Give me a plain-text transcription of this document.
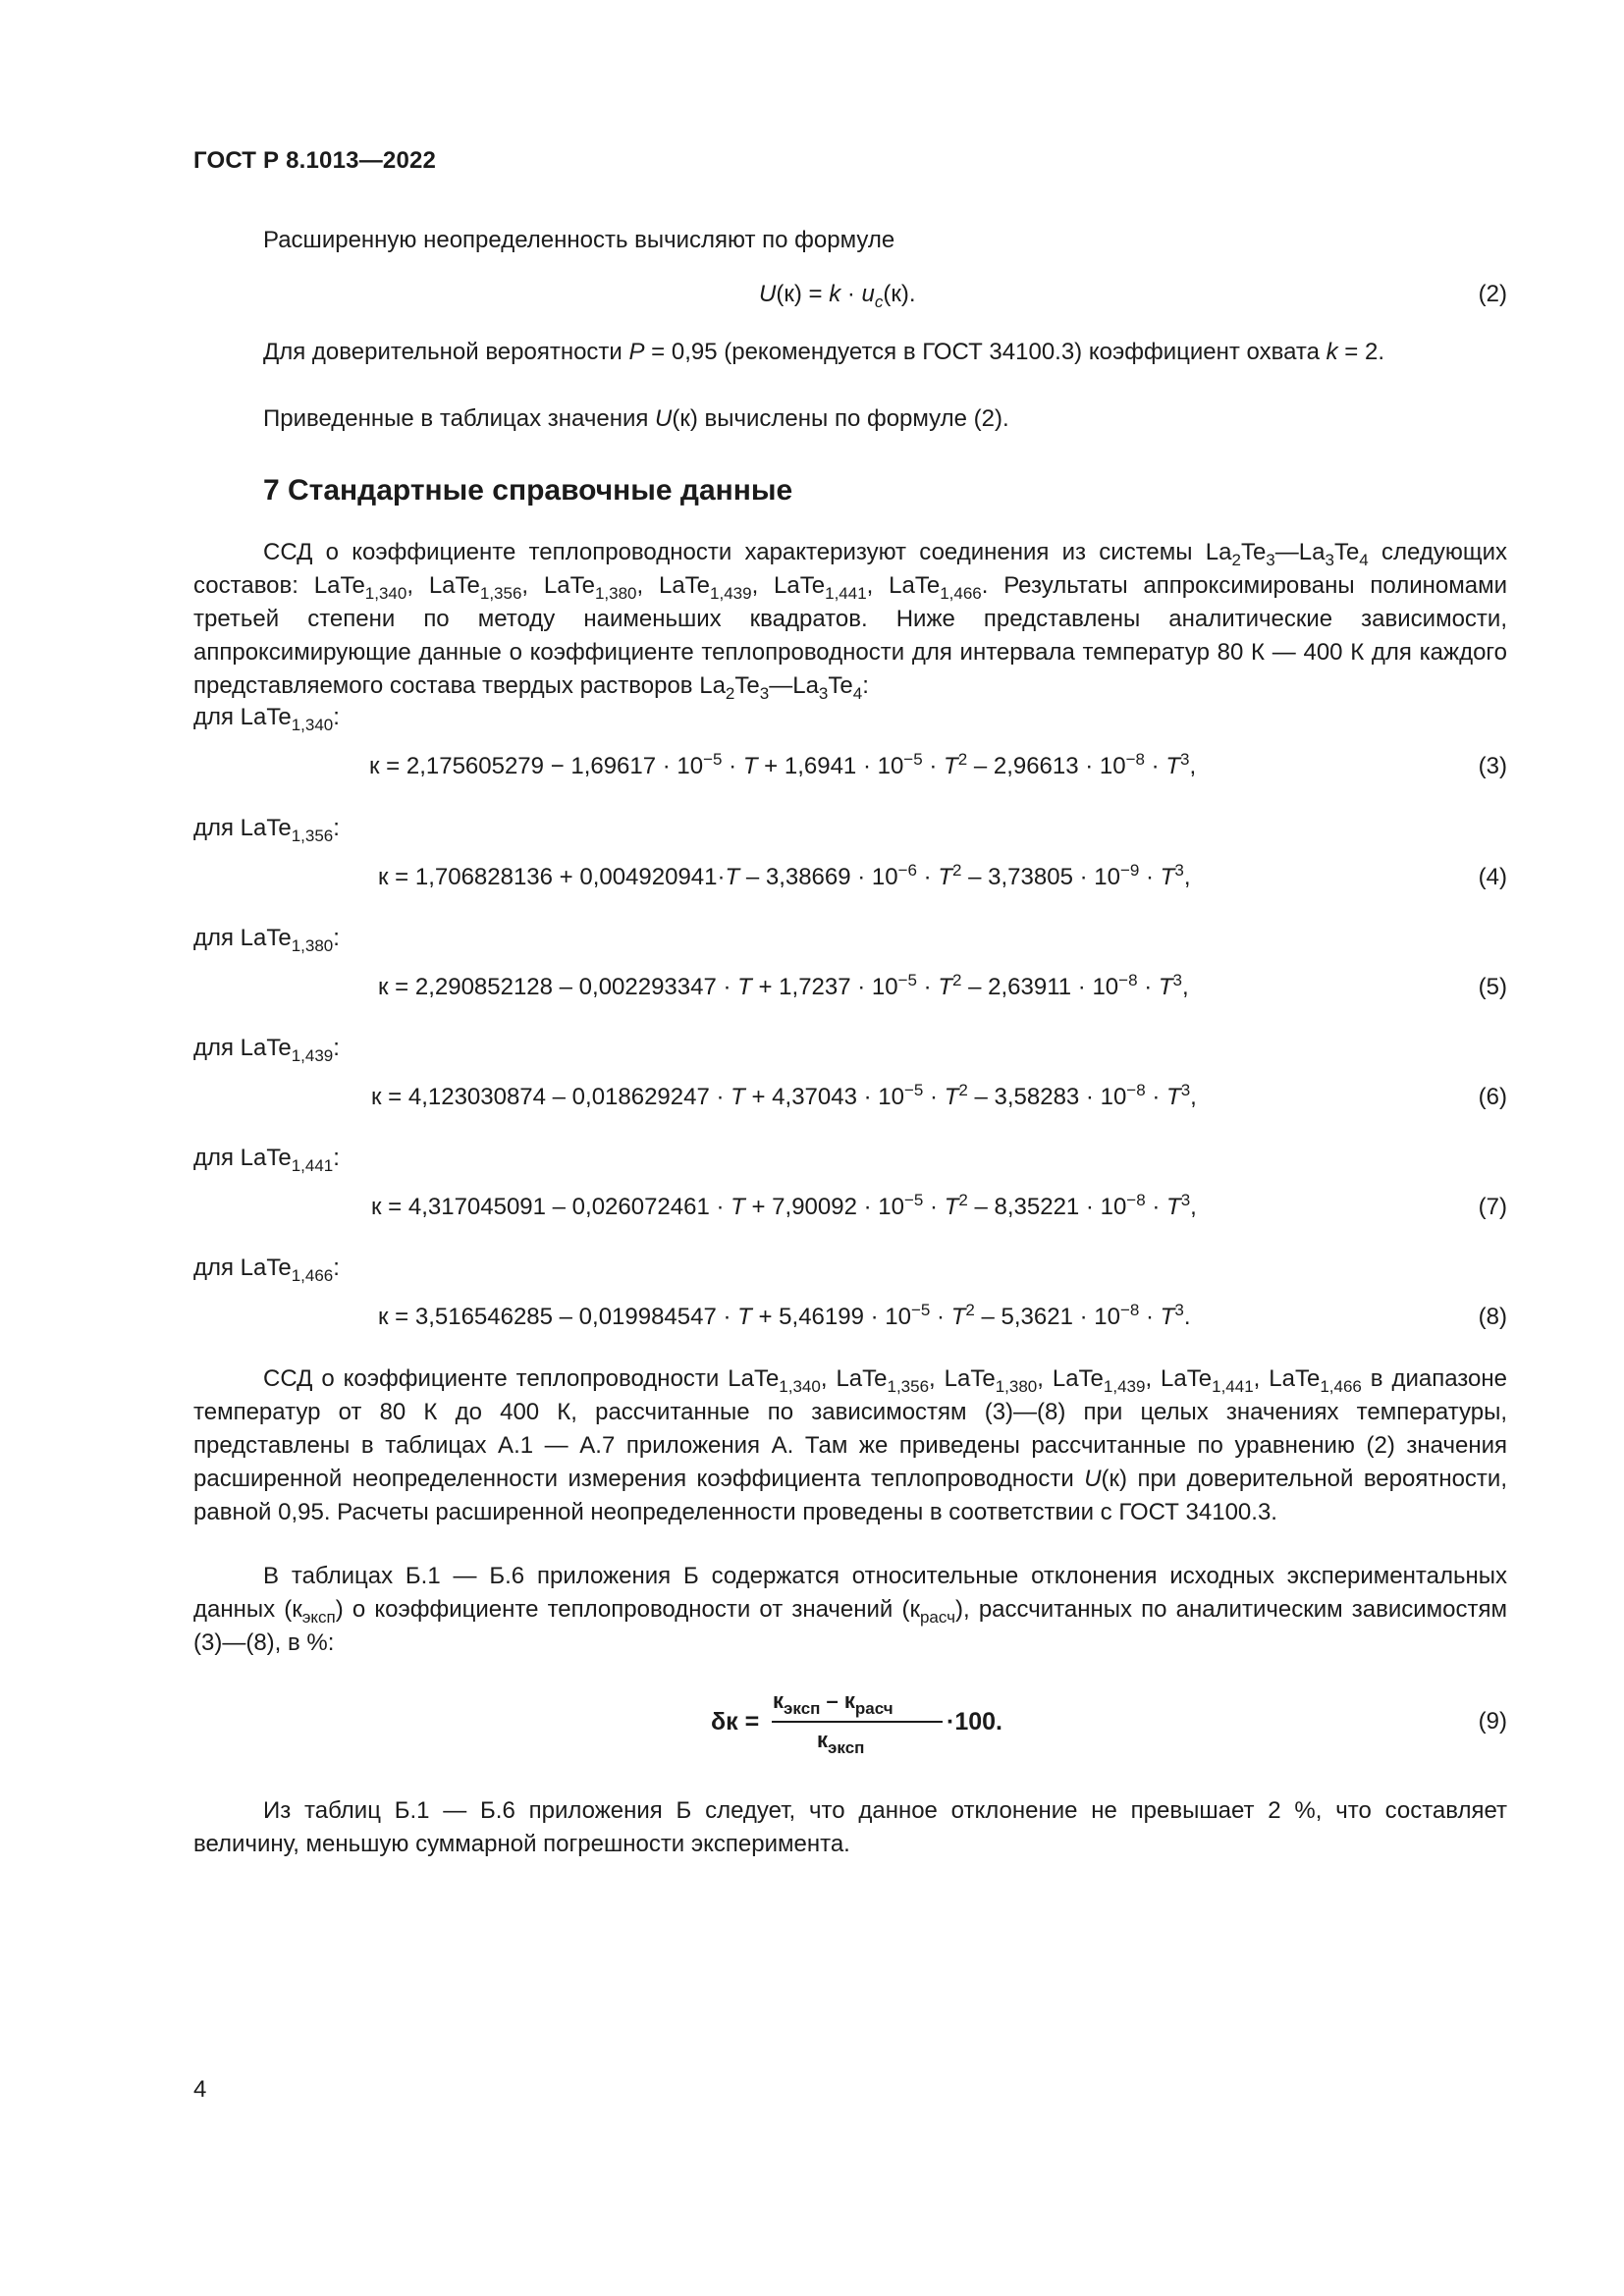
ГОСТ Р 8.1013—2022
Расширенную неопределенность вычисляют по формуле
$U(к) = k \cdot u_c(к)$.	(2)
Для доверительной вероятности P = 0,95 (рекомендуется в ГОСТ 34100.3) коэффициент охвата k = 2.
Приведенные в таблицах значения U(к) вычислены по формуле (2).
7 Стандартные справочные данные
ССД о коэффициенте теплопроводности характеризуют соединения из системы $La_2Te_3—La_3Te_4$ следующих составов: LaTe$_{1,340}$, LaTe$_{1,356}$, LaTe$_{1,380}$, LaTe$_{1,439}$, LaTe$_{1,441}$, LaTe$_{1,466}$. Результаты аппроксимированы полиномами третьей степени по методу наименьших квадратов. Ниже представлены аналитические зависимости, аппроксимирующие данные о коэффициенте теплопроводности для интервала температур 80 К — 400 К для каждого представляемого состава твердых растворов $La_2Te_3—La_3Te_4$:
для LaTe$_{1,340}$:
$к = 2,175605279 - 1,69617 \cdot 10^{-5} \cdot T + 1,6941 \cdot 10^{-5} \cdot T^2 - 2,96613 \cdot 10^{-8} \cdot T^3$,	(3)
для LaTe$_{1,356}$:
$к = 1,706828136 + 0,004920941\cdot T - 3,38669 \cdot 10^{-6} \cdot T^2 - 3,73805 \cdot 10^{-9} \cdot T^3$,	(4)
для LaTe$_{1,380}$:
$к = 2,290852128 - 0,002293347 \cdot T + 1,7237 \cdot 10^{-5} \cdot T^2 - 2,63911 \cdot 10^{-8} \cdot T^3$,	(5)
для LaTe$_{1,439}$:
$к = 4,123030874 - 0,018629247 \cdot T + 4,37043 \cdot 10^{-5} \cdot T^2 - 3,58283 \cdot 10^{-8} \cdot T^3$,	(6)
для LaTe$_{1,441}$:
$к = 4,317045091 - 0,026072461 \cdot T + 7,90092 \cdot 10^{-5} \cdot T^2 - 8,35221 \cdot 10^{-8} \cdot T^3$,	(7)
для LaTe$_{1,466}$:
$к = 3,516546285 - 0,019984547 \cdot T + 5,46199 \cdot 10^{-5} \cdot T^2 - 5,3621 \cdot 10^{-8} \cdot T^3$.	(8)
ССД о коэффициенте теплопроводности LaTe$_{1,340}$, LaTe$_{1,356}$, LaTe$_{1,380}$, LaTe$_{1,439}$, LaTe$_{1,441}$, LaTe$_{1,466}$ в диапазоне температур от 80 К до 400 К, рассчитанные по зависимостям (3)—(8) при целых значениях температуры, представлены в таблицах А.1 — А.7 приложения А. Там же приведены рассчитанные по уравнению (2) значения расширенной неопределенности измерения коэффициента теплопроводности U(к) при доверительной вероятности, равной 0,95. Расчеты расширенной неопределенности проведены в соответствии с ГОСТ 34100.3.
В таблицах Б.1 — Б.6 приложения Б содержатся относительные отклонения исходных экспериментальных данных $(к_{эксп})$ о коэффициенте теплопроводности от значений $(к_{расч})$, рассчитанных по аналитическим зависимостям (3)—(8), в %:
δк =
$к_{эксп} - к_{расч}$
$к_{эксп}$
·100.	(9)
Из таблиц Б.1 — Б.6 приложения Б следует, что данное отклонение не превышает 2 %, что составляет величину, меньшую суммарной погрешности эксперимента.
4
